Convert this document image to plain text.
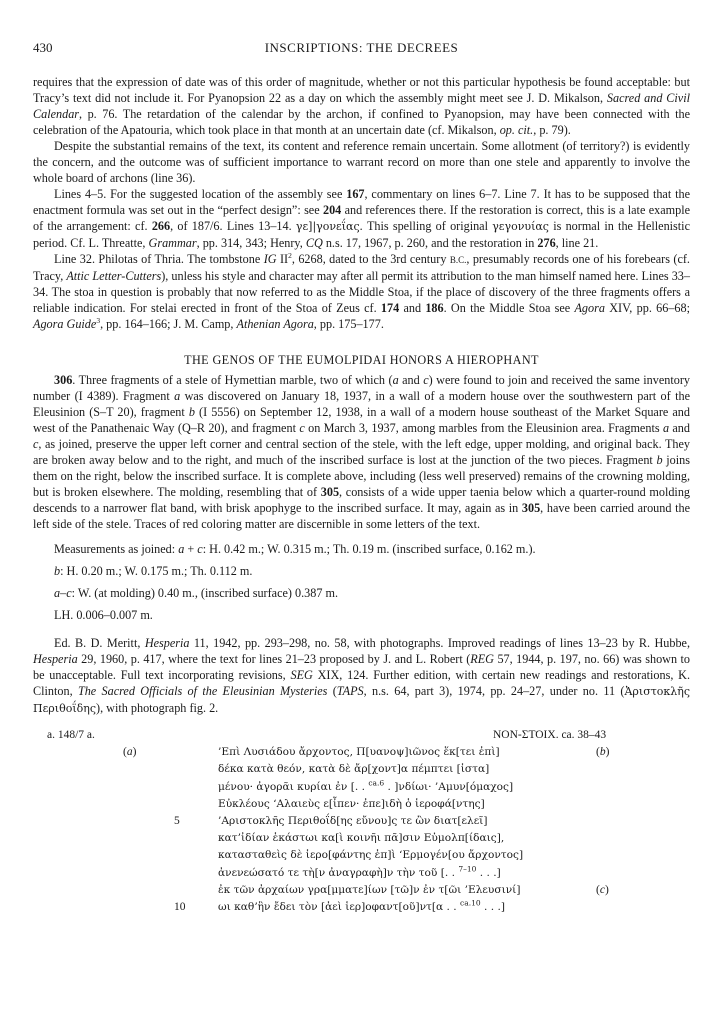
430	INSCRIPTIONS: THE DECREES

requires that the expression of date was of this order of magnitude, whether or not this particular hypothesis be found acceptable: but Tracy’s text did not include it. For Pyanopsion 22 as a day on which the assembly might meet see J. D. Mikalson, Sacred and Civil Calendar, p. 76. The retardation of the calendar by the archon, if confined to Pyanopsion, may have been connected with the celebration of the Apatouria, which took place in that month at an uncertain date (cf. Mikalson, op. cit., p. 79).

Despite the substantial remains of the text, its content and reference remain uncertain. Some allotment (of territory?) is evidently the concern, and the outcome was of sufficient importance to warrant record on more than one stele and apparently to involve the whole board of archons (line 36).

Lines 4–5. For the suggested location of the assembly see 167, commentary on lines 6–7. Line 7. It has to be supposed that the enactment formula was set out in the “perfect design”: see 204 and references there. If the restoration is correct, this is a late example of the arrangement: cf. 266, of 187/6. Lines 13–14. γε]|γονεΐας. This spelling of original γεγονυίας is normal in the Hellenistic period. Cf. L. Threatte, Grammar, pp. 314, 343; Henry, CQ n.s. 17, 1967, p. 260, and the restoration in 276, line 21.

Line 32. Philotas of Thria. The tombstone IG $II^2$, 6268, dated to the 3rd century B.C., presumably records one of his forebears (cf. Tracy, Attic Letter-Cutters), unless his style and character may after all permit its attribution to the man himself named here. Lines 33–34. The stoa in question is probably that now referred to as the Middle Stoa, if the place of discovery of the three fragments offers a reliable indication. For stelai erected in front of the Stoa of Zeus cf. 174 and 186. On the Middle Stoa see Agora XIV, pp. 66–68; Agora Guide$^3$, pp. 164–166; J. M. Camp, Athenian Agora, pp. 175–177.

THE GENOS OF THE EUMOLPIDAI HONORS A HIEROPHANT

306. Three fragments of a stele of Hymettian marble, two of which (a and c) were found to join and received the same inventory number (I 4389). Fragment a was discovered on January 18, 1937, in a wall of a modern house over the southwestern part of the Eleusinion (S–T 20), fragment b (I 5556) on September 12, 1938, in a wall of a modern house southeast of the Market Square and west of the Panathenaic Way (Q–R 20), and fragment c on March 3, 1937, among marbles from the Eleusinion area. Fragments a and c, as joined, preserve the upper left corner and central section of the stele, with the left edge, upper molding, and original back. They are broken away below and to the right, and much of the inscribed surface is lost at the junction of the two pieces. Fragment b joins them on the right, below the inscribed surface. It is complete above, including (less well preserved) remains of the crowning molding, but is broken elsewhere. The molding, resembling that of 305, consists of a wide upper taenia below which a quarter-round molding descends to a narrower flat band, with brisk apophyge to the inscribed surface. It may, again as in 305, have been carried around the left side of the stele. Traces of red coloring matter are discernible in some letters of the text.

Measurements as joined: a + c: H. 0.42 m.; W. 0.315 m.; Th. 0.19 m. (inscribed surface, 0.162 m.).

b: H. 0.20 m.; W. 0.175 m.; Th. 0.112 m.

a–c: W. (at molding) 0.40 m., (inscribed surface) 0.387 m.

LH. 0.006–0.007 m.

Ed. B. D. Meritt, Hesperia 11, 1942, pp. 293–298, no. 58, with photographs. Improved readings of lines 13–23 by R. Hubbe, Hesperia 29, 1960, p. 417, where the text for lines 21–23 proposed by J. and L. Robert (REG 57, 1944, p. 197, no. 66) was shown to be unacceptable. Full text incorporating revisions, SEG XIX, 124. Further edition, with certain new readings and restorations, K. Clinton, The Sacred Officials of the Eleusinian Mysteries (TAPS, n.s. 64, part 3), 1974, pp. 24–27, under no. 11 (Ἀριστοκλῆς Περιθοΐδης), with photograph fig. 2.

a. 148/7 a.	NON-ΣΤΟΙΧ. ca. 38–43
(a)	’Επὶ Λυσιάδου ἄρχοντος, Π[υανοψ]ιῶνος ἕκ[τει ἐπὶ]	(b)
δέκα κατὰ θεόν, κατὰ δὲ ἄρ[χοντ]α πέμπτει [ἱστα]
μένου· ἀγορᾶι κυρίαι ἐν [. . $^{ca.6}$ . ]νδίωι· ’Αμυν[όμαχος]
Εὐκλέους ‘Αλαιεὺς ε[ἶπεν· ἐπε]ιδὴ ὁ ἱεροφά[ντης]
5	’Αριστοκλῆς Περιθοΐδ[ης εὔνου]ς τε ὢν διατ[ελεῖ]
κατ’ἰδίαν ἑκάστωι κα[ὶ κοινῆι πᾶ]σιν Εὐμολπ[ίδαις],
κατασταθεὶς δὲ ἱερο[φάντης ἐπ]ὶ ‘Ερμογέν[ου ἄρχοντος]
ἀνενεώσατό τε τὴ[ν ἀναγραφὴ]ν τὴν τοῦ [. . $^{7-10}$ . . .]
ἐκ τῶν ἀρχαίων γρα[μματε]ίων [τῶ]ν ἐν τ[ῶι ’Ελευσινί]	(c)
10	ωι καθ’ἣν ἔδει τὸν [ἀεὶ ἱερ]οφαντ[οῦ]ντ[α . . $^{ca.10}$ . . .]
